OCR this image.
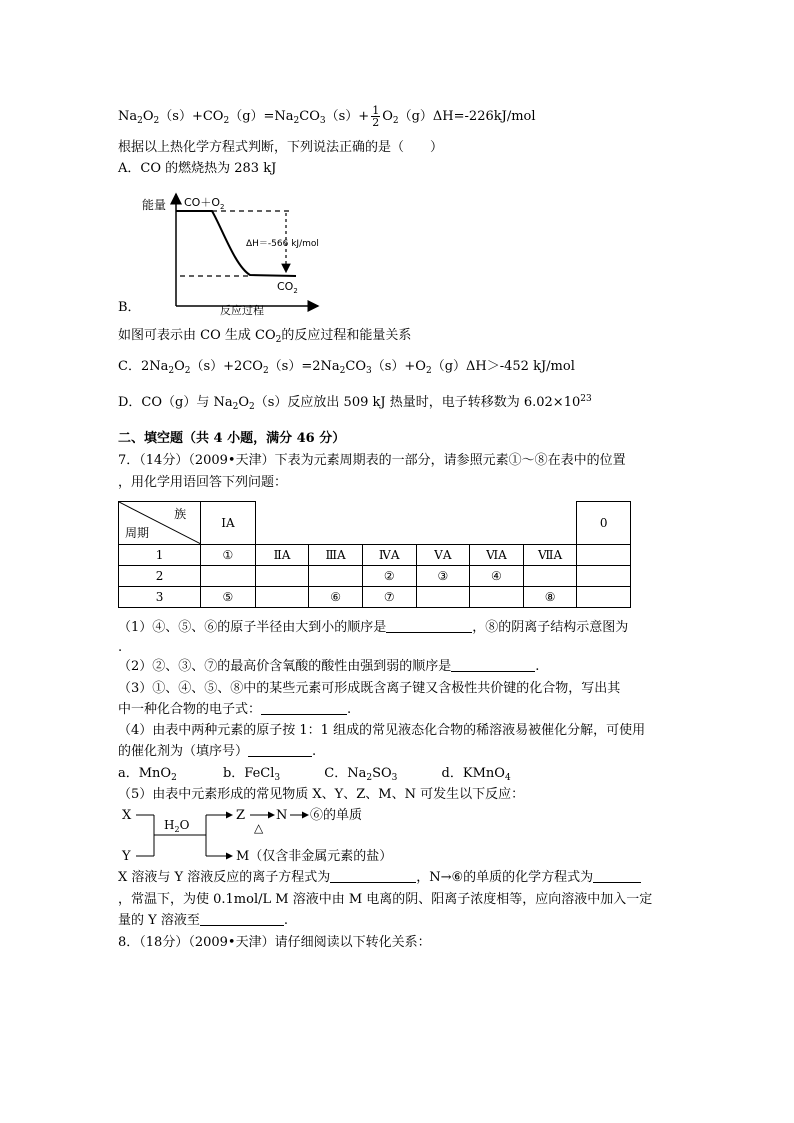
$Na_2O_2(s)+CO_2(g)=Na_2CO_3(s)+ \frac{1}{2} O_2(g)\Delta H=-226kJ/mol$
根据以上热化学方程式判断，下列说法正确的是（　　）
A．CO 的燃烧热为 283 kJ
能量 $CO+O_2$
ΔH＝-566 kJ/mol
$CO_2$
反应过程
B．
如图可表示由 CO 生成 $CO_2$的反应过程和能量关系
C．$2Na_2O_2(s)+2CO_2(s)=2Na_2CO_3(s)+O_2(g)\Delta H>-452$ kJ/mol
D．CO（g）与 $Na_2O_2(s)$反应放出 509 kJ 热量时，电子转移数为 $6.02\times 10^{23}$
二、填空题（共 4 小题，满分 46 分）
7．（14分）（2009•天津）下表为元素周期表的一部分，请参照元素①～⑧在表中的位置
，用化学用语回答下列问题：
族
周期	ⅠA							0
1	①	ⅡA	ⅢA	ⅣA	ⅤA	ⅥA	ⅦA	
2				②	③	④		
3	⑤		⑥	⑦			⑧	
（1）④、⑤、⑥的原子半径由大到小的顺序是	，⑧的阴离子结构示意图为
.
（2）②、③、⑦的最高价含氧酸的酸性由强到弱的顺序是	.
（3）①、④、⑤、⑧中的某些元素可形成既含离子键又含极性共价键的化合物，写出其
中一种化合物的电子式：	.
（4）由表中两种元素的原子按 1：1 组成的常见液态化合物的稀溶液易被催化分解，可使用
的催化剂为（填序号）	.
a．MnO$_2$	b．FeCl$_3$	C．$Na_2SO_3$	d．KMnO$_4$
（5）由表中元素形成的常见物质 X、Y、Z、M、N 可发生以下反应：
X
Y
$H_2O$
Z
△
N ⑥的单质
M（仅含非金属元素的盐）
X 溶液与 Y 溶液反应的离子方程式为	，N→⑥的单质的化学方程式为
，常温下，为使 0.1mol/L M 溶液中由 M 电离的阴、阳离子浓度相等，应向溶液中加入一定
量的 Y 溶液至	.
8．（18分）（2009•天津）请仔细阅读以下转化关系：
